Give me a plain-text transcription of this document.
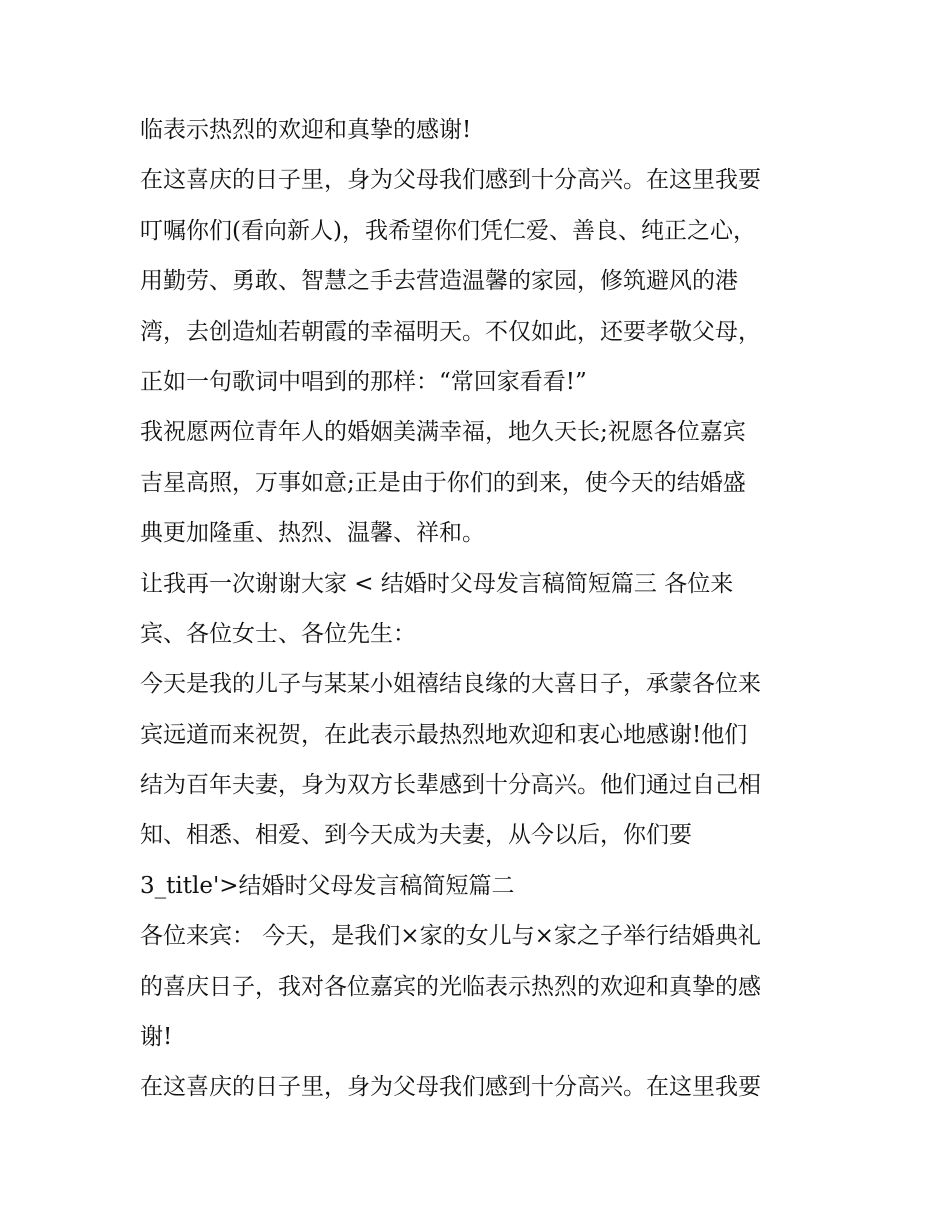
临表示热烈的欢迎和真挚的感谢!
在这喜庆的日子里，身为父母我们感到十分高兴。在这里我要
叮嘱你们(看向新人)，我希望你们凭仁爱、善良、纯正之心，
用勤劳、勇敢、智慧之手去营造温馨的家园，修筑避风的港
湾，去创造灿若朝霞的幸福明天。不仅如此，还要孝敬父母，
正如一句歌词中唱到的那样：“常回家看看!”
我祝愿两位青年人的婚姻美满幸福，地久天长;祝愿各位嘉宾
吉星高照，万事如意;正是由于你们的到来，使今天的结婚盛
典更加隆重、热烈、温馨、祥和。
让我再一次谢谢大家 < 结婚时父母发言稿简短篇三 各位来
宾、各位女士、各位先生：
今天是我的儿子与某某小姐禧结良缘的大喜日子，承蒙各位来
宾远道而来祝贺，在此表示最热烈地欢迎和衷心地感谢!他们
结为百年夫妻，身为双方长辈感到十分高兴。他们通过自己相
知、相悉、相爱、到今天成为夫妻，从今以后，你们要
3_title'>结婚时父母发言稿简短篇二
各位来宾： 今天，是我们×家的女儿与×家之子举行结婚典礼
的喜庆日子，我对各位嘉宾的光临表示热烈的欢迎和真挚的感
谢!
在这喜庆的日子里，身为父母我们感到十分高兴。在这里我要
